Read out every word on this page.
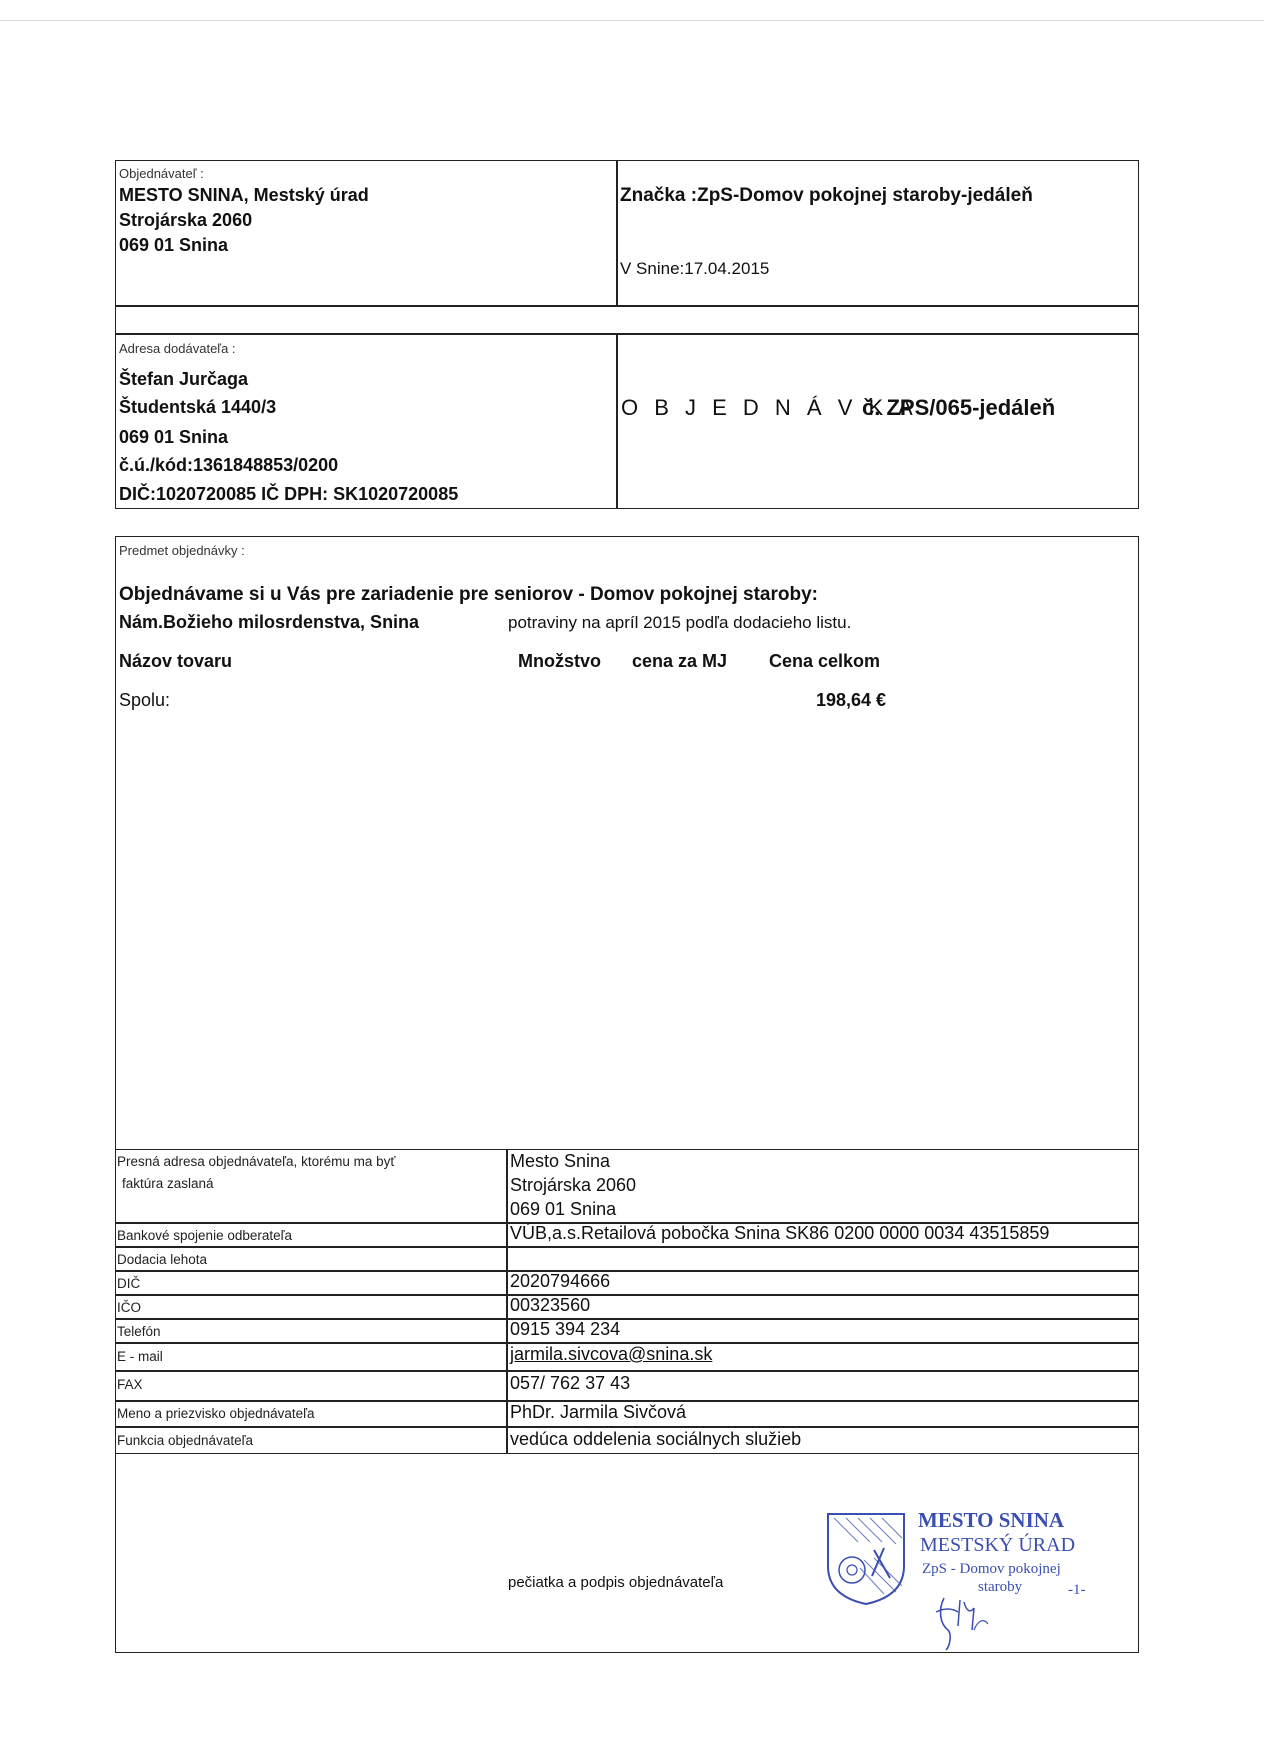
Objednávateľ :
MESTO SNINA, Mestský úrad
Strojárska 2060
069 01 Snina
Značka :ZpS-Domov pokojnej staroby-jedáleň
V Snine:17.04.2015
Adresa dodávateľa :
Štefan Jurčaga
Študentská 1440/3
069 01 Snina
č.ú./kód:1361848853/0200
DIČ:1020720085 IČ DPH: SK1020720085
O B J E D N Á V K A
č. ZPS/065-jedáleň
Predmet objednávky :
Objednávame si u Vás pre zariadenie pre seniorov - Domov pokojnej staroby:
Nám.Božieho milosrdenstva, Snina	potraviny na apríl 2015 podľa dodacieho listu.
Názov tovaru	Množstvo cena za MJ Cena celkom
Spolu:	198,64 €
Presná adresa objednávateľa, ktorému ma byť
faktúra zaslaná
Mesto Snina
Strojárska 2060
069 01 Snina
Bankové spojenie odberateľa	VÚB,a.s.Retailová pobočka Snina SK86 0200 0000 0034 43515859
Dodacia lehota
DIČ	2020794666
IČO	00323560
Telefón	0915 394 234
E - mail	jarmila.sivcova@snina.sk
FAX	057/ 762 37 43
Meno a priezvisko objednávateľa	PhDr. Jarmila Sivčová
Funkcia objednávateľa	vedúca oddelenia sociálnych služieb
pečiatka a podpis objednávateľa
MESTO SNINA
MESTSKÝ ÚRAD
ZpS - Domov pokojnej
staroby	-1-
